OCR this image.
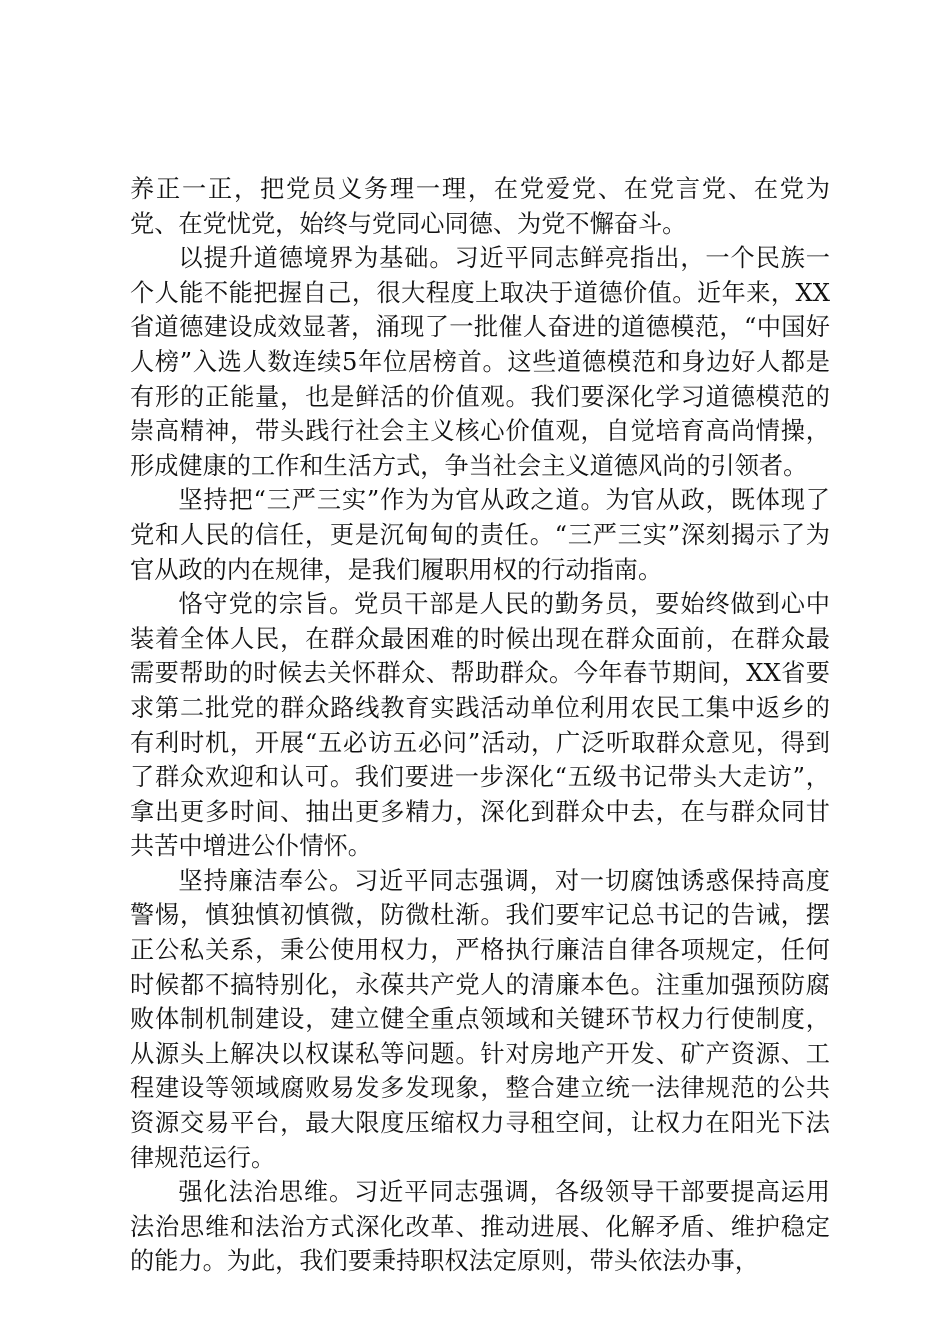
养正一正，把党员义务理一理，在党爱党、在党言党、在党为党、在党忧党，始终与党同心同德、为党不懈奋斗。

以提升道德境界为基础。习近平同志鲜亮指出，一个民族一个人能不能把握自己，很大程度上取决于道德价值。近年来，XX省道德建设成效显著，涌现了一批催人奋进的道德模范，“中国好人榜”入选人数连续5年位居榜首。这些道德模范和身边好人都是有形的正能量，也是鲜活的价值观。我们要深化学习道德模范的崇高精神，带头践行社会主义核心价值观，自觉培育高尚情操，形成健康的工作和生活方式，争当社会主义道德风尚的引领者。

坚持把“三严三实”作为为官从政之道。为官从政，既体现了党和人民的信任，更是沉甸甸的责任。“三严三实”深刻揭示了为官从政的内在规律，是我们履职用权的行动指南。

恪守党的宗旨。党员干部是人民的勤务员，要始终做到心中装着全体人民，在群众最困难的时候出现在群众面前，在群众最需要帮助的时候去关怀群众、帮助群众。今年春节期间，XX省要求第二批党的群众路线教育实践活动单位利用农民工集中返乡的有利时机，开展“五必访五必问”活动，广泛听取群众意见，得到了群众欢迎和认可。我们要进一步深化“五级书记带头大走访”，拿出更多时间、抽出更多精力，深化到群众中去，在与群众同甘共苦中增进公仆情怀。

坚持廉洁奉公。习近平同志强调，对一切腐蚀诱惑保持高度警惕，慎独慎初慎微，防微杜渐。我们要牢记总书记的告诫，摆正公私关系，秉公使用权力，严格执行廉洁自律各项规定，任何时候都不搞特别化，永葆共产党人的清廉本色。注重加强预防腐败体制机制建设，建立健全重点领域和关键环节权力行使制度，从源头上解决以权谋私等问题。针对房地产开发、矿产资源、工程建设等领域腐败易发多发现象，整合建立统一法律规范的公共资源交易平台，最大限度压缩权力寻租空间，让权力在阳光下法律规范运行。

强化法治思维。习近平同志强调，各级领导干部要提高运用法治思维和法治方式深化改革、推动进展、化解矛盾、维护稳定的能力。为此，我们要秉持职权法定原则，带头依法办事，
